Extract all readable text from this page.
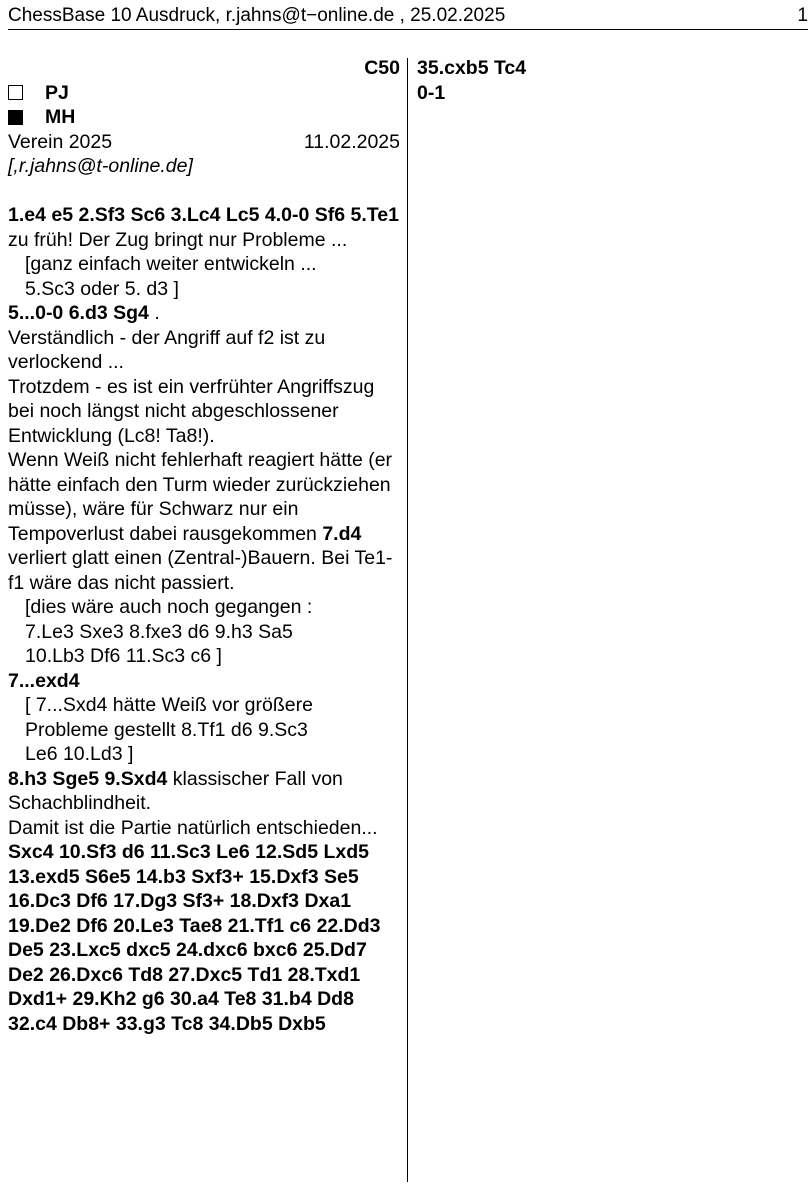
ChessBase 10 Ausdruck, r.jahns@t−online.de , 25.02.2025	1
C50
PJ
MH
Verein 2025	11.02.2025
[,r.jahns@t-online.de]

1.e4 e5 2.Sf3 Sc6 3.Lc4 Lc5 4.0-0 Sf6 5.Te1 zu früh! Der Zug bringt nur Probleme ...

[ganz einfach weiter entwickeln ...

5.Sc3 oder 5. d3 ]

5...0-0 6.d3 Sg4 .

Verständlich - der Angriff auf f2 ist zu verlockend ...

Trotzdem - es ist ein verfrühter Angriffszug bei noch längst nicht abgeschlossener Entwicklung (Lc8! Ta8!).

Wenn Weiß nicht fehlerhaft reagiert hätte (er hätte einfach den Turm wieder zurückziehen müsse), wäre für Schwarz nur ein Tempoverlust dabei rausgekommen 7.d4 verliert glatt einen (Zentral-)Bauern. Bei Te1-f1 wäre das nicht passiert.

[dies wäre auch noch gegangen :

7.Le3 Sxe3 8.fxe3 d6 9.h3 Sa5

10.Lb3 Df6 11.Sc3 c6 ]

7...exd4

[ 7...Sxd4 hätte Weiß vor größere

Probleme gestellt 8.Tf1 d6 9.Sc3

Le6 10.Ld3 ]

8.h3 Sge5 9.Sxd4 klassischer Fall von Schachblindheit.

Damit ist die Partie natürlich entschieden... Sxc4 10.Sf3 d6 11.Sc3 Le6 12.Sd5 Lxd5 13.exd5 S6e5 14.b3 Sxf3+ 15.Dxf3 Se5 16.Dc3 Df6 17.Dg3 Sf3+ 18.Dxf3 Dxa1 19.De2 Df6 20.Le3 Tae8 21.Tf1 c6 22.Dd3 De5 23.Lxc5 dxc5 24.dxc6 bxc6 25.Dd7 De2 26.Dxc6 Td8 27.Dxc5 Td1 28.Txd1 Dxd1+ 29.Kh2 g6 30.a4 Te8 31.b4 Dd8 32.c4 Db8+ 33.g3 Tc8 34.Db5 Dxb5

35.cxb5 Tc4

0-1
